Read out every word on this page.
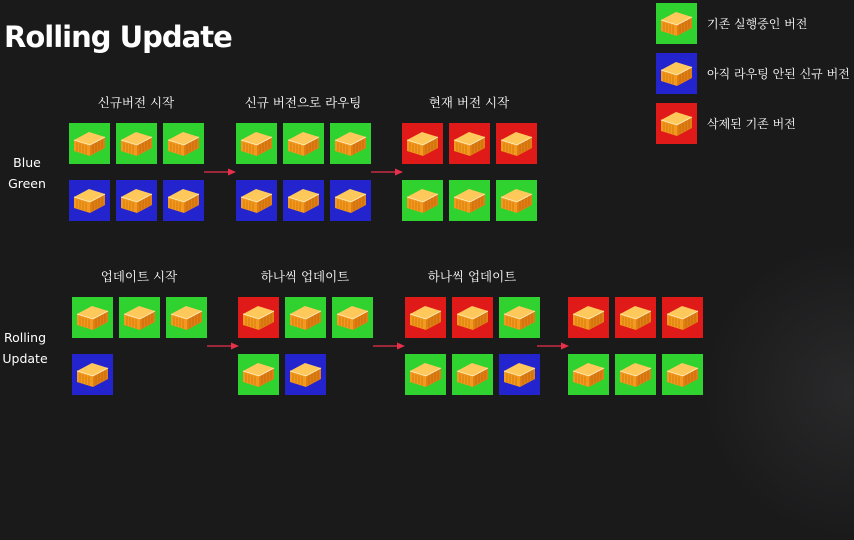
Rolling Update	기존 실행중인 버전
아직 라우팅 안된 신규 버전
삭제된 기존 버전
Blue
Green
Rolling
Update
신규버전 시작	신규 버전으로 라우팅	현재 버전 시작
업데이트 시작	하나씩 업데이트	하나씩 업데이트
